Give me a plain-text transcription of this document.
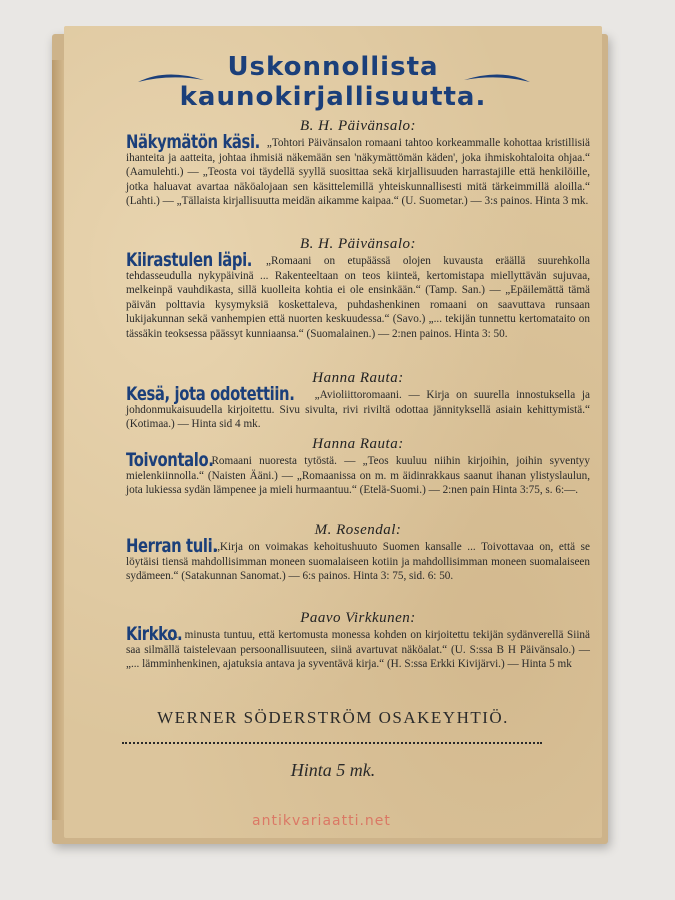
Uskonnollista
kaunokirjallisuutta.
B. H. Päivänsalo:
Näkymätön käsi. „Tohtori Päivänsalon romaani tahtoo korkeammalle kohottaa kristillisiä ihanteita ja aatteita, johtaa ihmisiä näkemään sen 'näkymättömän käden', joka ihmiskohtaloita ohjaa.“ (Aamulehti.) — „Teosta voi täydellä syyllä suosittaa sekä kirjallisuuden harrastajille että henkilöille, jotka haluavat avartaa näköalojaan sen käsittelemillä yhteiskunnallisesti mitä tärkeimmillä aloilla.“ (Lahti.) — „Tällaista kirjallisuutta meidän aikamme kaipaa.“ (U. Suometar.) — 3:s painos. Hinta 3 mk.
B. H. Päivänsalo:
Kiirastulen läpi. „Romaani on etupäässä olojen kuvausta eräällä suurehkolla tehdasseudulla nykypäivinä ... Rakenteeltaan on teos kiinteä, kertomistapa miellyttävän sujuvaa, melkeinpä vauhdikasta, sillä kuolleita kohtia ei ole ensinkään.“ (Tamp. San.) — „Epäilemättä tämä päivän polttavia kysymyksiä koskettaleva, puhdashenkinen romaani on saavuttava runsaan lukijakunnan sekä vanhempien että nuorten keskuudessa.“ (Savo.) „... tekijän tunnettu kertomataito on tässäkin teoksessa päässyt kunniaansa.“ (Suomalainen.) — 2:nen painos. Hinta 3: 50.
Hanna Rauta:
Kesä, jota odotettiin. „Avioliittoromaani. — Kirja on suurella innostuksella ja johdonmukaisuudella kirjoitettu. Sivu sivulta, rivi riviltä odottaa jännityksellä asiain kehittymistä.“ (Kotimaa.) — Hinta sid 4 mk.
Hanna Rauta:
Toivontalo. Romaani nuoresta tytöstä. — „Teos kuuluu niihin kirjoihin, joihin syventyy mielenkiinnolla.“ (Naisten Ääni.) — „Romaanissa on m. m äidinrakkaus saanut ihanan ylistyslaulun, jota lukiessa sydän lämpenee ja mieli hurmaantuu.“ (Etelä-Suomi.) — 2:nen pain Hinta 3:75, s. 6:—.
M. Rosendal:
Herran tuli. „Kirja on voimakas kehoitushuuto Suomen kansalle ... Toivottavaa on, että se löytäisi tiensä mahdollisimman moneen suomalaiseen kotiin ja mahdollisimman moneen suomalaiseen sydämeen.“ (Satakunnan Sanomat.) — 6:s painos. Hinta 3: 75, sid. 6: 50.
Paavo Virkkunen:
Kirkko. „... minusta tuntuu, että kertomusta monessa kohden on kirjoitettu tekijän sydänverellä Siinä saa silmällä taistelevaan persoonallisuuteen, siinä avartuvat näköalat.“ (U. S:ssa B H Päivänsalo.) — „... lämminhenkinen, ajatuksia antava ja syventävä kirja.“ (H. S:ssa Erkki Kivijärvi.) — Hinta 5 mk
WERNER SÖDERSTRÖM OSAKEYHTIÖ.
Hinta 5 mk.
antikvariaatti.net
